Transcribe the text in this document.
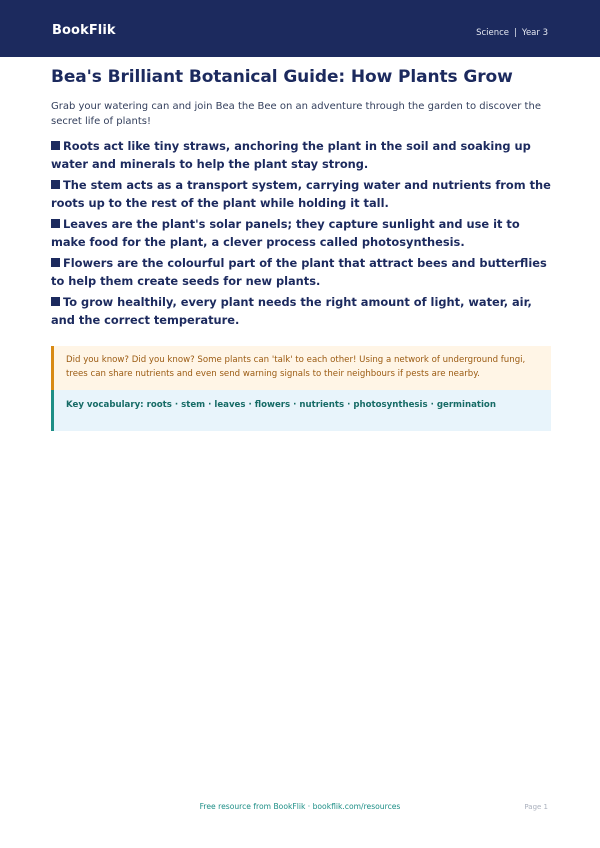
BookFlik	Science | Year 3
Bea's Brilliant Botanical Guide: How Plants Grow

Grab your watering can and join Bea the Bee on an adventure through the garden to discover the secret life of plants!

Roots act like tiny straws, anchoring the plant in the soil and soaking up water and minerals to help the plant stay strong.
The stem acts as a transport system, carrying water and nutrients from the roots up to the rest of the plant while holding it tall.
Leaves are the plant's solar panels; they capture sunlight and use it to make food for the plant, a clever process called photosynthesis.
Flowers are the colourful part of the plant that attract bees and butterflies to help them create seeds for new plants.
To grow healthily, every plant needs the right amount of light, water, air, and the correct temperature.
Did you know? Did you know? Some plants can 'talk' to each other! Using a network of underground fungi, trees can share nutrients and even send warning signals to their neighbours if pests are nearby.
Key vocabulary: roots · stem · leaves · flowers · nutrients · photosynthesis · germination
Free resource from BookFlik · bookflik.com/resources	Page 1
